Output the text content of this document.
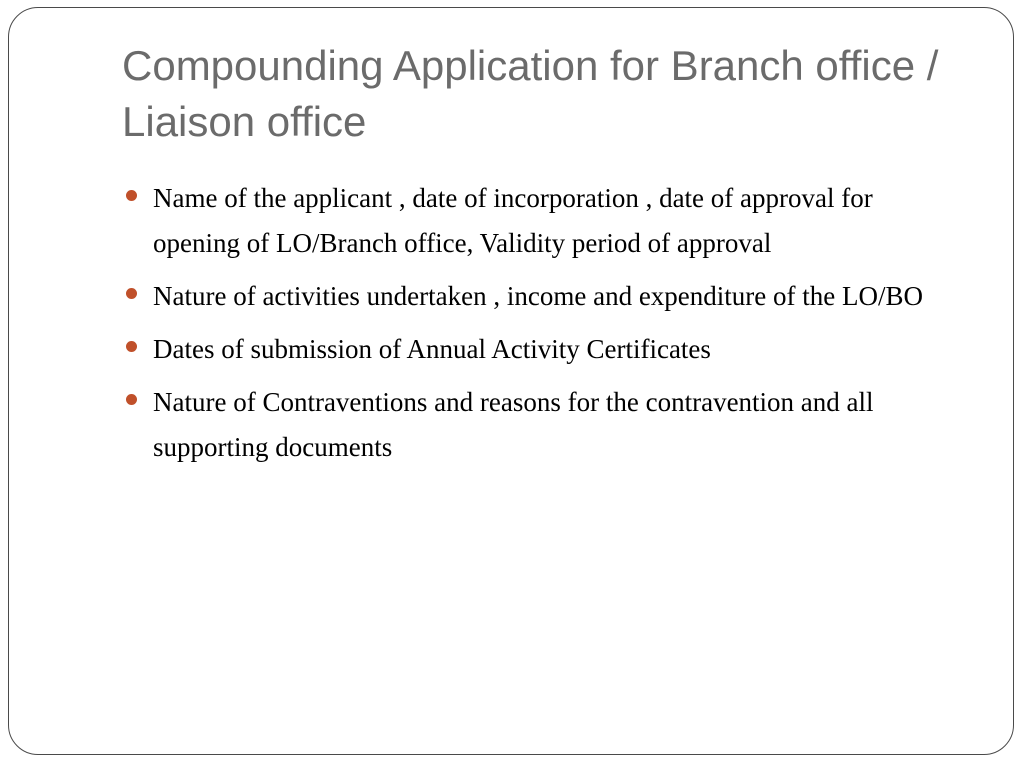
Compounding Application for Branch office / Liaison office
Name of the applicant , date of incorporation , date of approval for opening of LO/Branch office, Validity period of approval
Nature of activities undertaken , income and expenditure of the LO/BO
Dates of submission of Annual Activity Certificates
Nature of Contraventions and reasons for the contravention and all supporting documents
